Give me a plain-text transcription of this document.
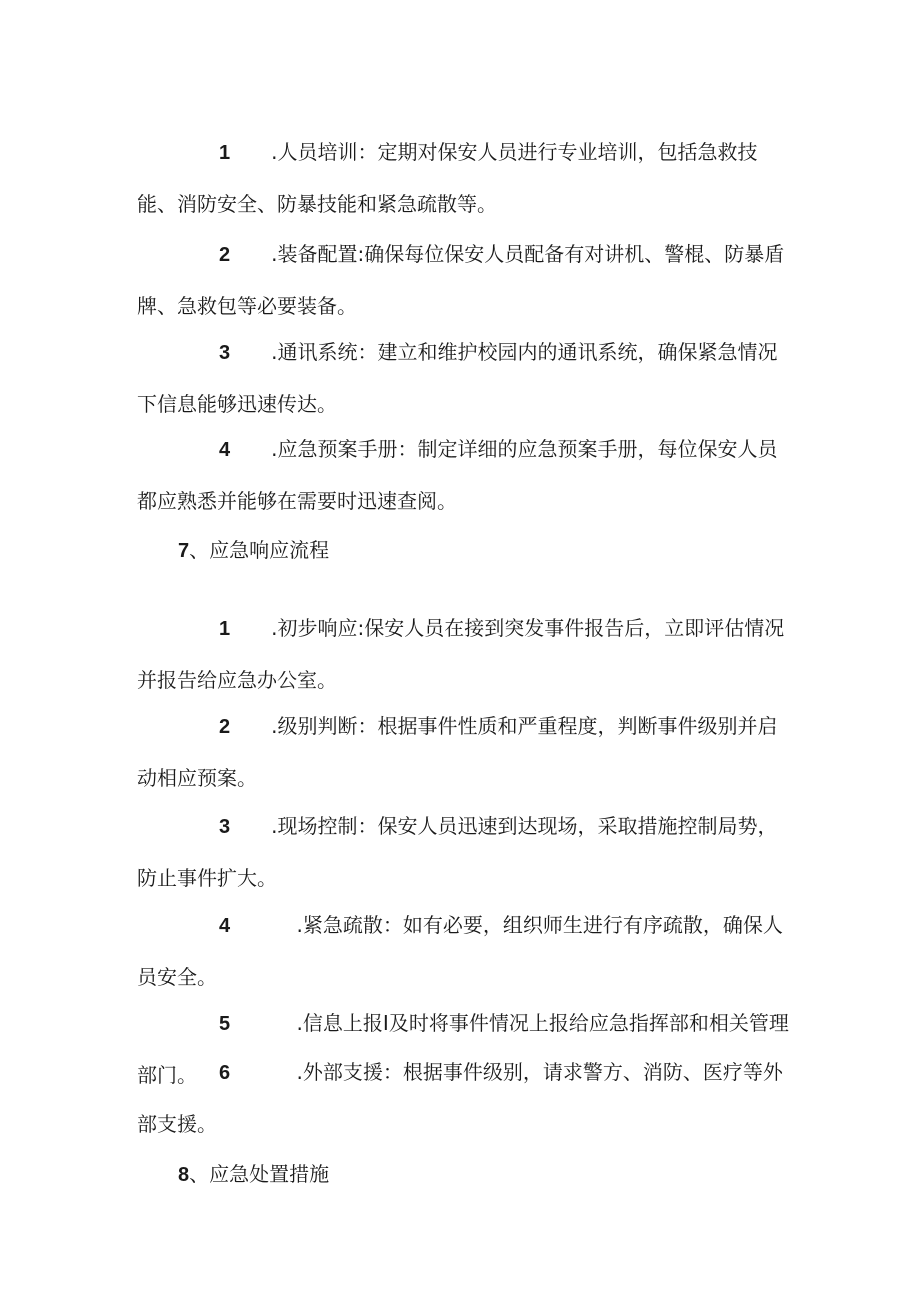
1 .人员培训：定期对保安人员进行专业培训，包括急救技能、消防安全、防暴技能和紧急疏散等。

2.装备配置:确保每位保安人员配备有对讲机、警棍、防暴盾牌、急救包等必要装备。

3.通讯系统：建立和维护校园内的通讯系统，确保紧急情况下信息能够迅速传达。

4.应急预案手册：制定详细的应急预案手册，每位保安人员都应熟悉并能够在需要时迅速查阅。

7、应急响应流程

1 .初步响应:保安人员在接到突发事件报告后，立即评估情况并报告给应急办公室。

2.级别判断：根据事件性质和严重程度，判断事件级别并启动相应预案。

3.现场控制：保安人员迅速到达现场，采取措施控制局势，防止事件扩大。

4    .紧急疏散：如有必要，组织师生进行有序疏散，确保人员安全。

5    .信息上报I及时将事件情况上报给应急指挥部和相关管理部门。	6    .外部支援：根据事件级别，请求警方、消防、医疗等外部支援。

8、应急处置措施
